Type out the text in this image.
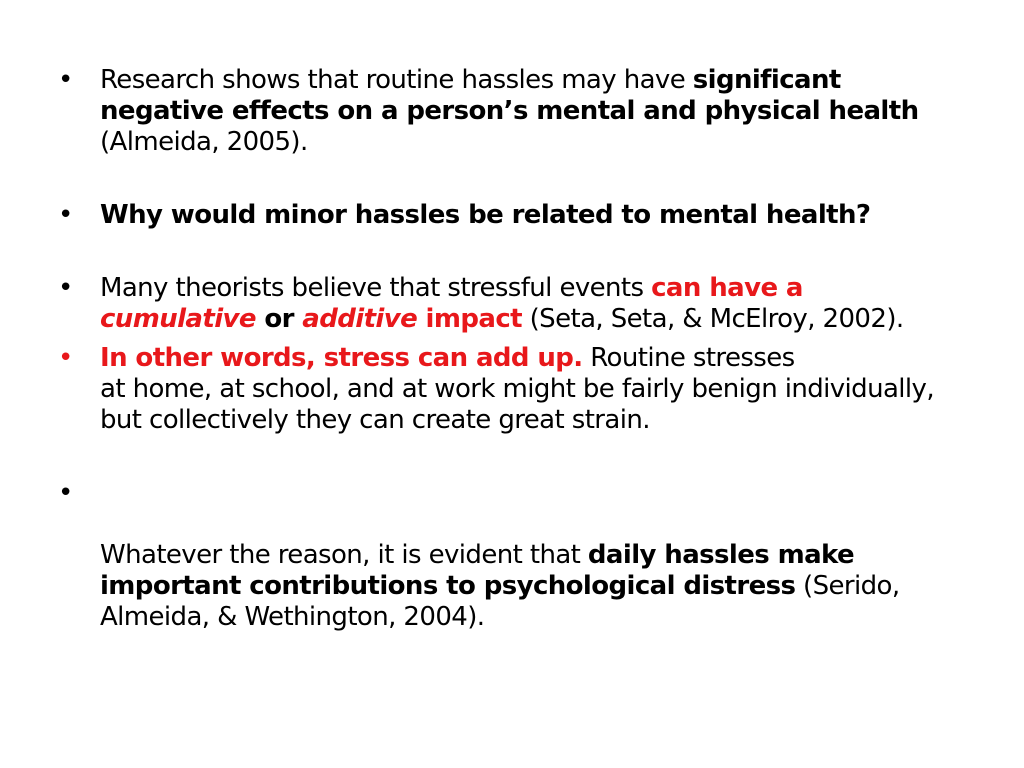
• Research shows that routine hassles may have significant negative effects on a person’s mental and physical health
(Almeida, 2005).
• Why would minor hassles be related to mental health?
• Many theorists believe that stressful events can have a
cumulative or additive impact (Seta, Seta, & McElroy, 2002).
• In other words, stress can add up. Routine stresses
at home, at school, and at work might be fairly benign individually, but collectively they can create great strain.
•

Whatever the reason, it is evident that daily hassles make important contributions to psychological distress (Serido, Almeida, & Wethington, 2004).
